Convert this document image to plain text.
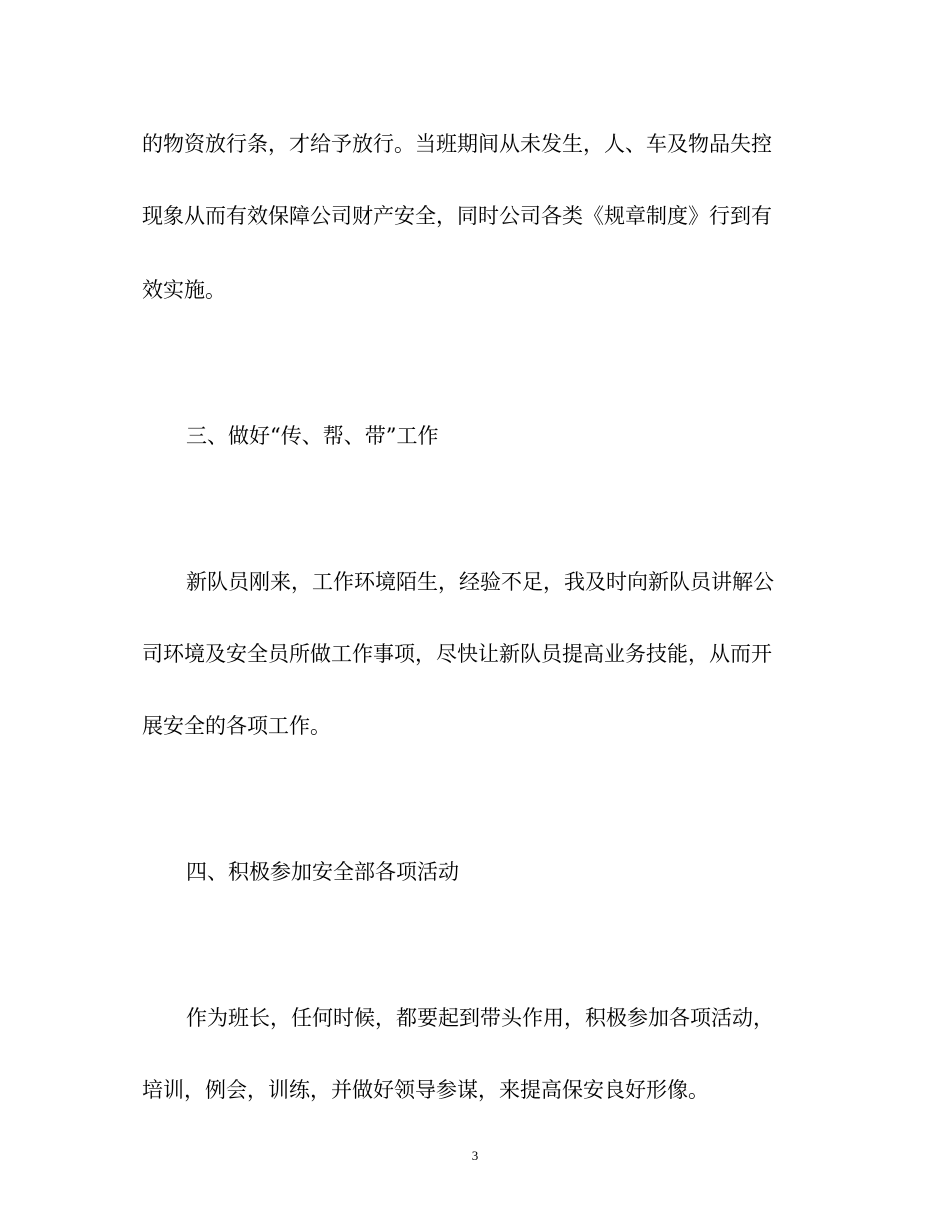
的物资放行条，才给予放行。当班期间从未发生，人、车及物品失控
现象从而有效保障公司财产安全，同时公司各类《规章制度》行到有
效实施。
三、做好“传、帮、带”工作
新队员刚来，工作环境陌生，经验不足，我及时向新队员讲解公
司环境及安全员所做工作事项，尽快让新队员提高业务技能，从而开
展安全的各项工作。
四、积极参加安全部各项活动
作为班长，任何时候，都要起到带头作用，积极参加各项活动，
培训，例会，训练，并做好领导参谋，来提高保安良好形像。
3
